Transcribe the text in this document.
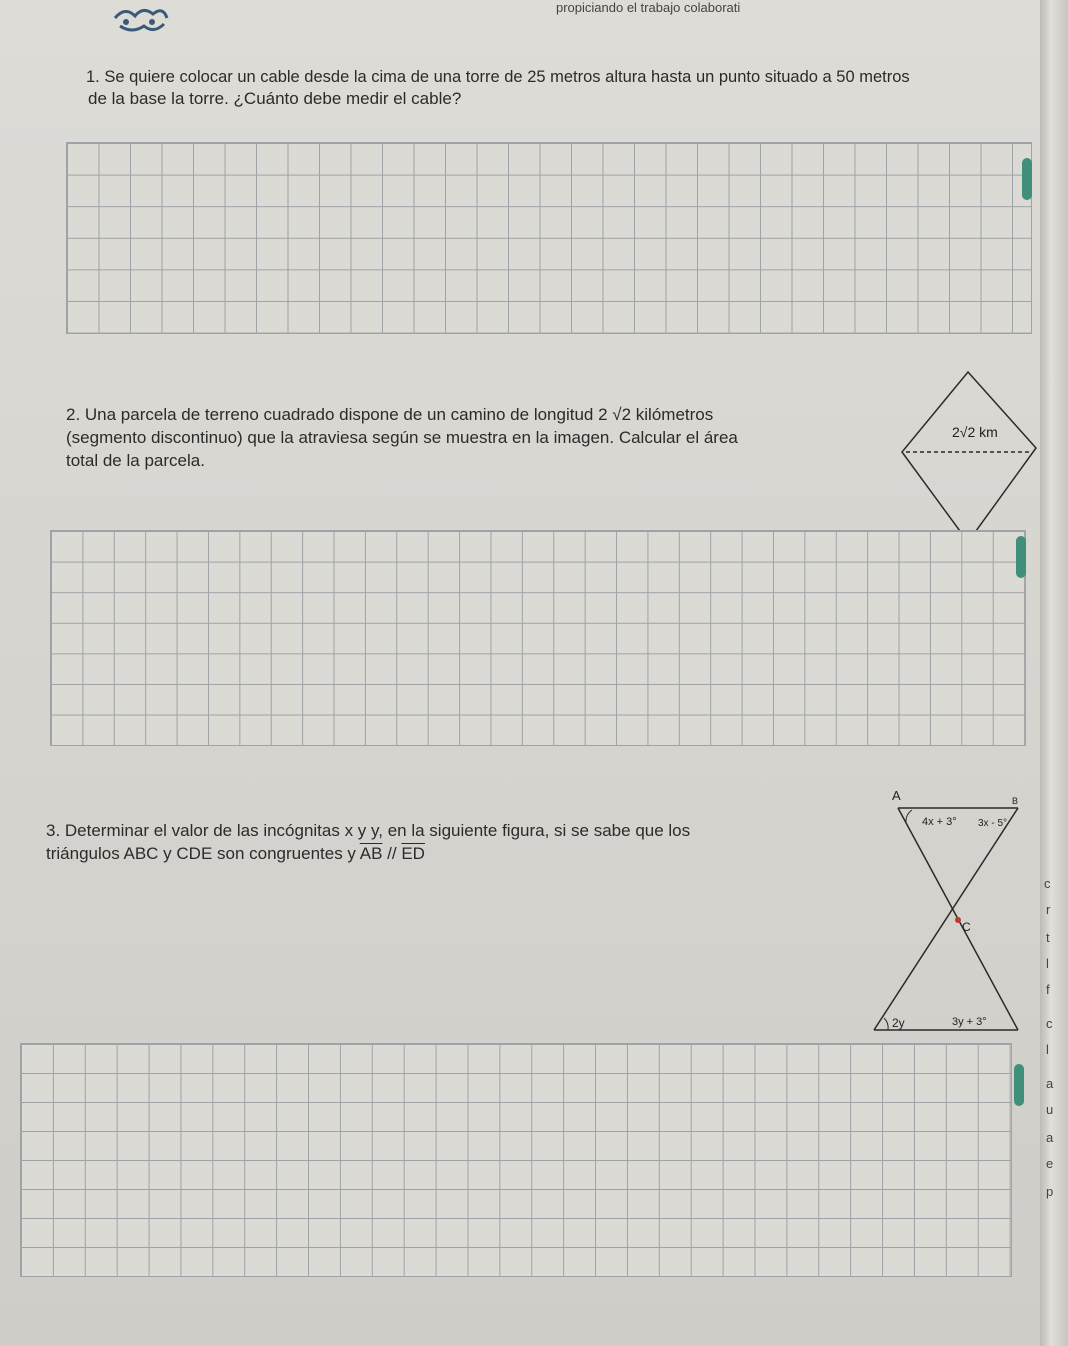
propiciando el trabajo colaborati
1. Se quiere colocar un cable desde la cima de una torre de 25 metros altura hasta un punto situado a 50 metros
de la base la torre. ¿Cuánto debe medir el cable?
2. Una parcela de terreno cuadrado dispone de un camino de longitud 2 √2 kilómetros
(segmento discontinuo) que la atraviesa según se muestra en la imagen. Calcular el área
total de la parcela.
2√2 km
3. Determinar el valor de las incógnitas x y y, en la siguiente figura, si se sabe que los
triángulos ABC y CDE son congruentes y $\overline{AB} // \overline{ED}$
A	B
4x + 3° 3x - 5°
C
2y	3y + 3°
c
r
t
l
f
c
l
a
u
a
e
p
